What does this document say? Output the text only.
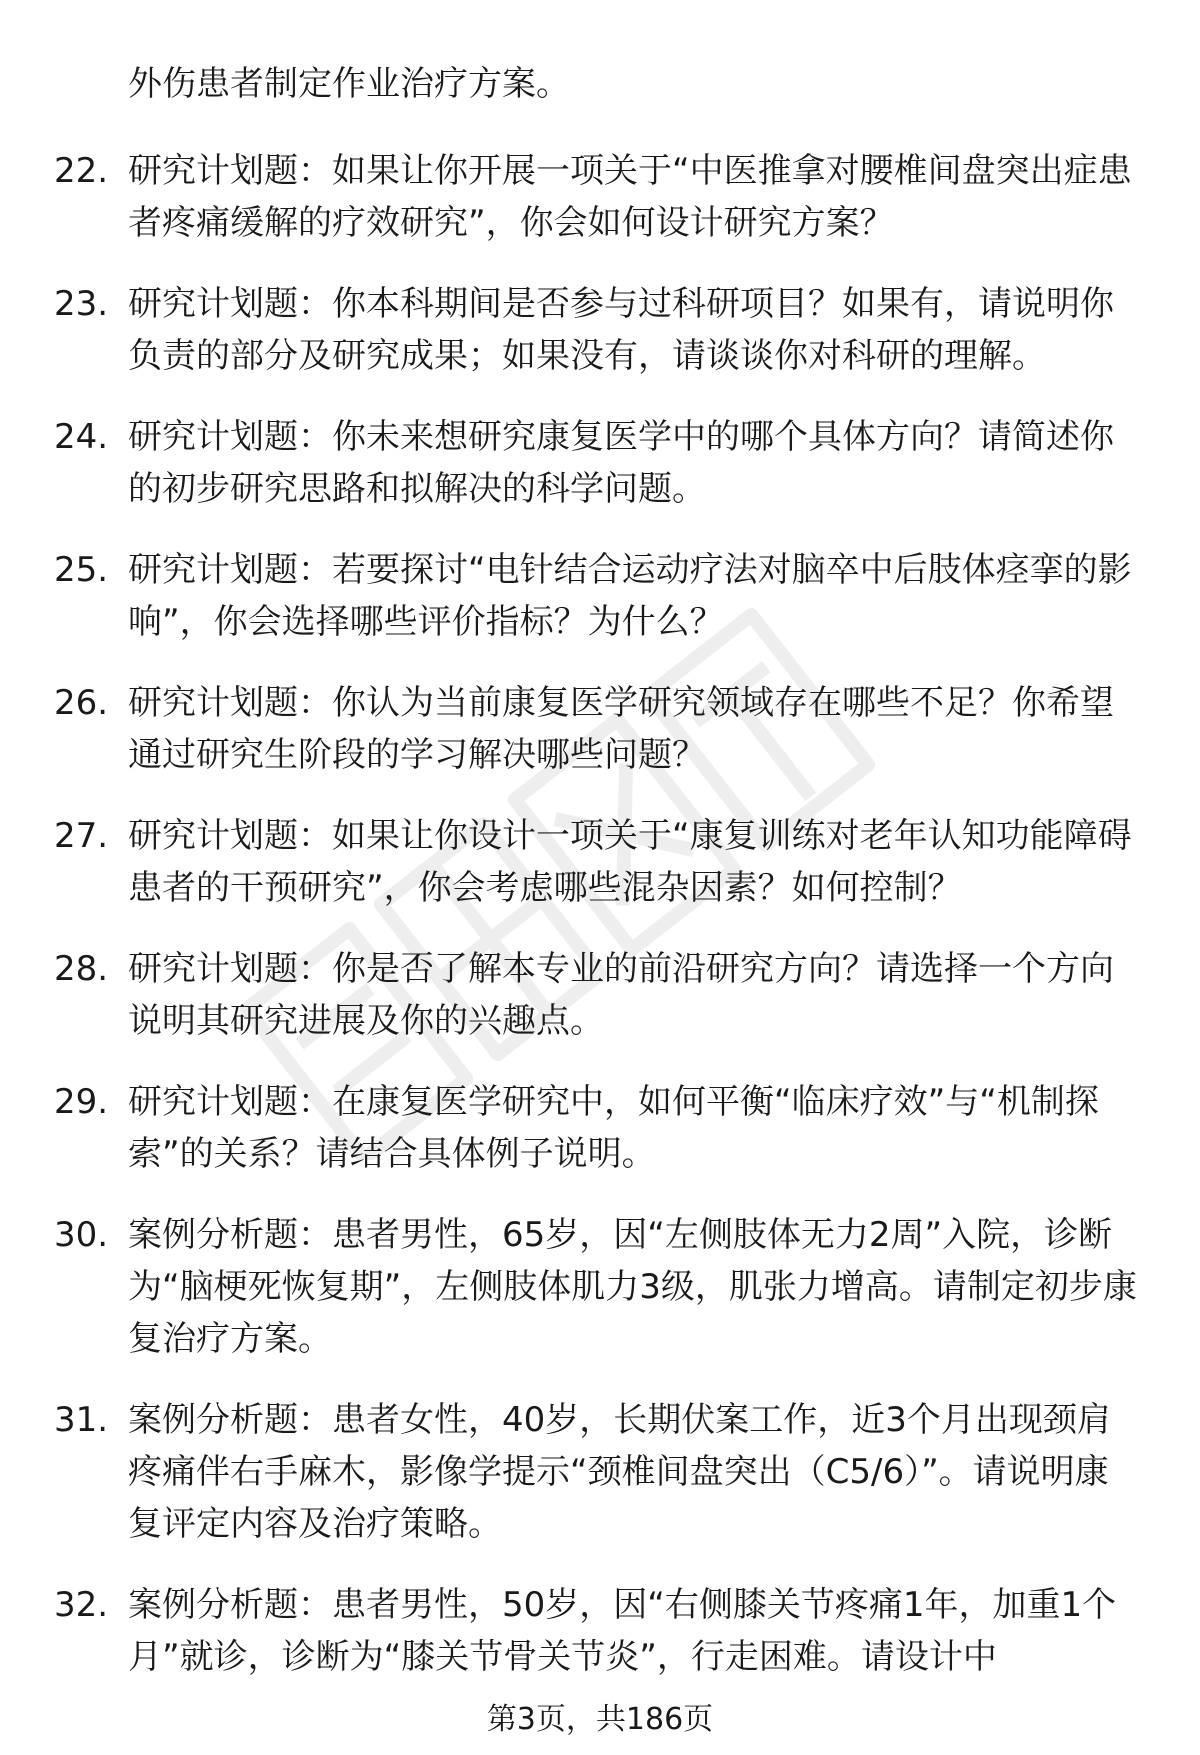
外伤患者制定作业治疗方案。

22. 研究计划题：如果让你开展一项关于“中医推拿对腰椎间盘突出症患者疼痛缓解的疗效研究”，你会如何设计研究方案？
23. 研究计划题：你本科期间是否参与过科研项目？如果有，请说明你负责的部分及研究成果；如果没有，请谈谈你对科研的理解。
24. 研究计划题：你未来想研究康复医学中的哪个具体方向？请简述你的初步研究思路和拟解决的科学问题。
25. 研究计划题：若要探讨“电针结合运动疗法对脑卒中后肢体痉挛的影响”，你会选择哪些评价指标？为什么？
26. 研究计划题：你认为当前康复医学研究领域存在哪些不足？你希望通过研究生阶段的学习解决哪些问题？
27. 研究计划题：如果让你设计一项关于“康复训练对老年认知功能障碍患者的干预研究”，你会考虑哪些混杂因素？如何控制？
28. 研究计划题：你是否了解本专业的前沿研究方向？请选择一个方向说明其研究进展及你的兴趣点。
29. 研究计划题：在康复医学研究中，如何平衡“临床疗效”与“机制探索”的关系？请结合具体例子说明。
30. 案例分析题：患者男性，65岁，因“左侧肢体无力2周”入院，诊断为“脑梗死恢复期”，左侧肢体肌力3级，肌张力增高。请制定初步康复治疗方案。
31. 案例分析题：患者女性，40岁，长期伏案工作，近3个月出现颈肩疼痛伴右手麻木，影像学提示“颈椎间盘突出（C5/6）”。请说明康复评定内容及治疗策略。
32. 案例分析题：患者男性，50岁，因“右侧膝关节疼痛1年，加重1个月”就诊，诊断为“膝关节骨关节炎”，行走困难。请设计中
第3页，共186页
